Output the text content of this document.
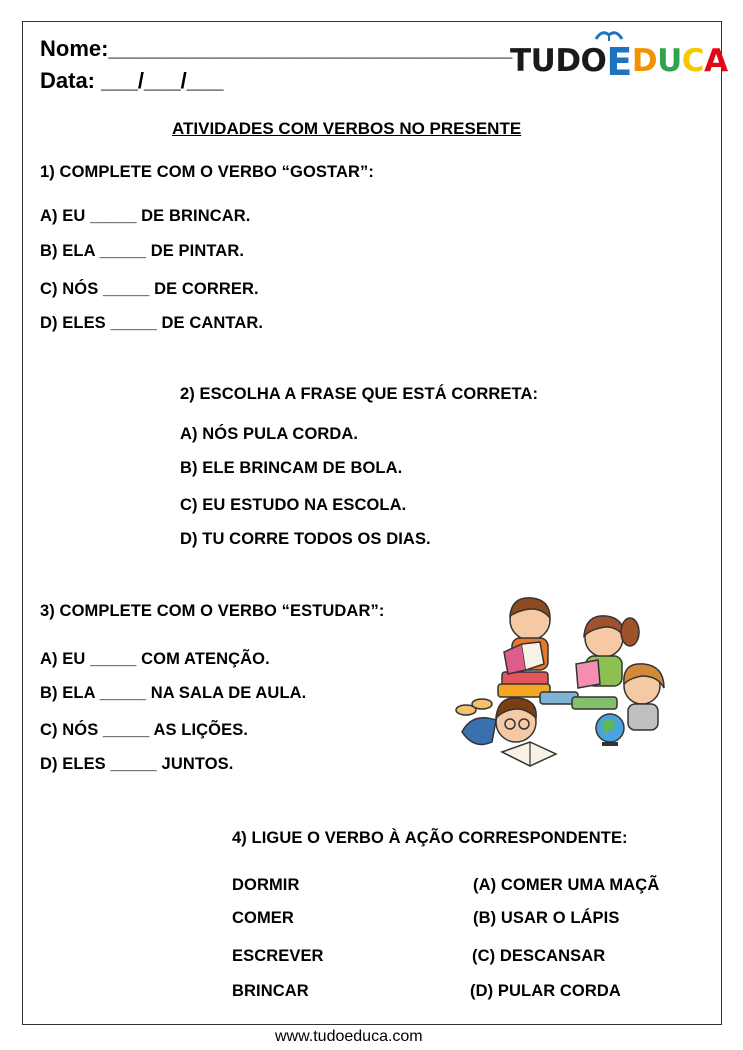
Nome:_________________________________
Data: ___/___/___
TUDOEDUCA
ATIVIDADES COM VERBOS NO PRESENTE
1) COMPLETE COM O VERBO “GOSTAR”:
A) EU _____ DE BRINCAR.
B) ELA _____ DE PINTAR.
C) NÓS _____ DE CORRER.
D) ELES _____ DE CANTAR.
2) ESCOLHA A FRASE QUE ESTÁ CORRETA:
A) NÓS PULA CORDA.
B) ELE BRINCAM DE BOLA.
C) EU ESTUDO NA ESCOLA.
D) TU CORRE TODOS OS DIAS.
3) COMPLETE COM O VERBO “ESTUDAR”:
A) EU _____ COM ATENÇÃO.
B) ELA _____ NA SALA DE AULA.
C) NÓS _____ AS LIÇÕES.
D) ELES _____ JUNTOS.
4) LIGUE O VERBO À AÇÃO CORRESPONDENTE:
DORMIR
COMER
ESCREVER
BRINCAR
(A) COMER UMA MAÇÃ
(B) USAR O LÁPIS
(C) DESCANSAR
(D) PULAR CORDA
www.tudoeduca.com
